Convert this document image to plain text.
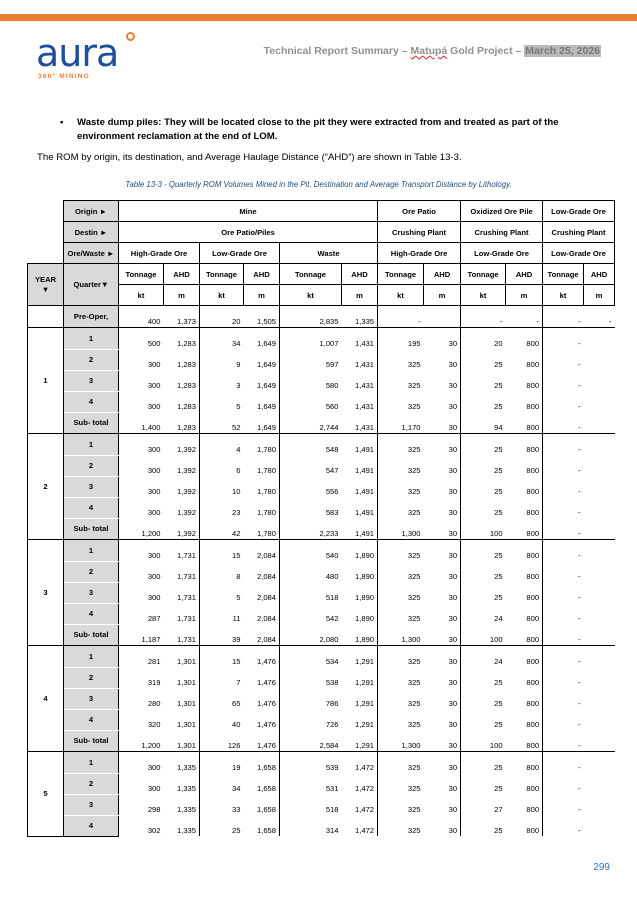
aura
360° MINING
Technical Report Summary – Matupá Gold Project – March 25, 2026
• Waste dump piles: They will be located close to the pit they were extracted from and treated as part of the environment reclamation at the end of LOM.
The ROM by origin, its destination, and Average Haulage Distance (“AHD”) are shown in Table 13-3.
Table 13-3 - Quarterly ROM Volumes Mined in the Pit, Destination and Average Transport Distance by Lithology.
	Origin ►	Mine						Ore Patio		Oxidized Ore Pile		Low-Grade Ore	
	Destin ►	Ore Patio/Piles						Crushing Plant		Crushing Plant		Crushing Plant	
	Ore/Waste ►	High-Grade Ore		Low-Grade Ore		Waste		High-Grade Ore		Low-Grade Ore		Low-Grade Ore	
YEAR ▼	Quarter▼	Tonnage	AHD	Tonnage	AHD	Tonnage	AHD	Tonnage	AHD	Tonnage	AHD	Tonnage	AHD
		kt	m	kt	m	kt	m	kt	m	kt	m	kt	m
	Pre-Oper,	400	1,373	20	1,505	2,835	1,335	-		-	-	-	-
1	1	500	1,283	34	1,649	1,007	1,431	195	30	20	800	-	
	2	300	1,283	9	1,649	597	1,431	325	30	25	800	-	
	3	300	1,283	3	1,649	580	1,431	325	30	25	800	-	
	4	300	1,283	5	1,649	560	1,431	325	30	25	800	-	
	Sub- total	1,400	1,283	52	1,649	2,744	1,431	1,170	30	94	800	-	
2	1	300	1,392	4	1,780	548	1,491	325	30	25	800	-	
	2	300	1,392	6	1,780	547	1,491	325	30	25	800	-	
	3	300	1,392	10	1,780	556	1,491	325	30	25	800	-	
	4	300	1,392	23	1,780	583	1,491	325	30	25	800	-	
	Sub- total	1,200	1,392	42	1,780	2,233	1,491	1,300	30	100	800	-	
3	1	300	1,731	15	2,084	540	1,890	325	30	25	800	-	
	2	300	1,731	8	2,084	480	1,890	325	30	25	800	-	
	3	300	1,731	5	2,084	518	1,890	325	30	25	800	-	
	4	287	1,731	11	2,084	542	1,890	325	30	24	800	-	
	Sub- total	1,187	1,731	39	2,084	2,080	1,890	1,300	30	100	800	-	
4	1	281	1,301	15	1,476	534	1,291	325	30	24	800	-	
	2	319	1,301	7	1,476	538	1,291	325	30	25	800	-	
	3	280	1,301	65	1,476	786	1,291	325	30	25	800	-	
	4	320	1,301	40	1,476	726	1,291	325	30	25	800	-	
	Sub- total	1,200	1,301	126	1,476	2,584	1,291	1,300	30	100	800	-	
5	1	300	1,335	19	1,658	539	1,472	325	30	25	800	-	
	2	300	1,335	34	1,658	531	1,472	325	30	25	800	-	
	3	298	1,335	33	1,658	518	1,472	325	30	27	800	-	
	4	302	1,335	25	1,658	314	1,472	325	30	25	800	-	
299
